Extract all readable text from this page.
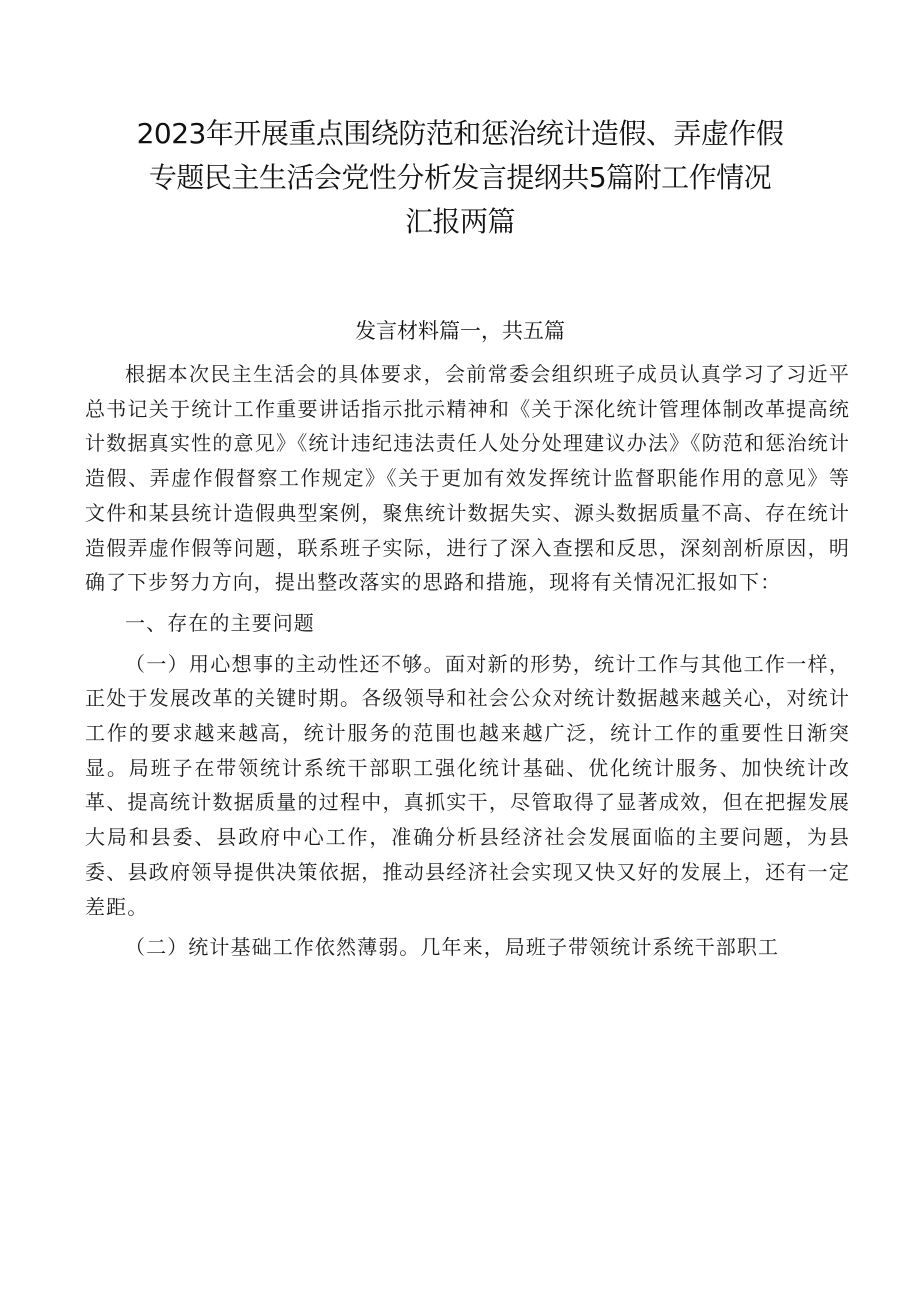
2023年开展重点围绕防范和惩治统计造假、弄虚作假
专题民主生活会党性分析发言提纲共5篇附工作情况
汇报两篇
发言材料篇一，共五篇

根据本次民主生活会的具体要求，会前常委会组织班子成员认真学习了习近平总书记关于统计工作重要讲话指示批示精神和《关于深化统计管理体制改革提高统计数据真实性的意见》《统计违纪违法责任人处分处理建议办法》《防范和惩治统计造假、弄虚作假督察工作规定》《关于更加有效发挥统计监督职能作用的意见》等文件和某县统计造假典型案例，聚焦统计数据失实、源头数据质量不高、存在统计造假弄虚作假等问题，联系班子实际，进行了深入查摆和反思，深刻剖析原因，明确了下步努力方向，提出整改落实的思路和措施，现将有关情况汇报如下：

一、存在的主要问题

（一）用心想事的主动性还不够。面对新的形势，统计工作与其他工作一样，正处于发展改革的关键时期。各级领导和社会公众对统计数据越来越关心，对统计工作的要求越来越高，统计服务的范围也越来越广泛，统计工作的重要性日渐突显。局班子在带领统计系统干部职工强化统计基础、优化统计服务、加快统计改革、提高统计数据质量的过程中，真抓实干，尽管取得了显著成效，但在把握发展大局和县委、县政府中心工作，准确分析县经济社会发展面临的主要问题，为县委、县政府领导提供决策依据，推动县经济社会实现又快又好的发展上，还有一定差距。

（二）统计基础工作依然薄弱。几年来，局班子带领统计系统干部职工
